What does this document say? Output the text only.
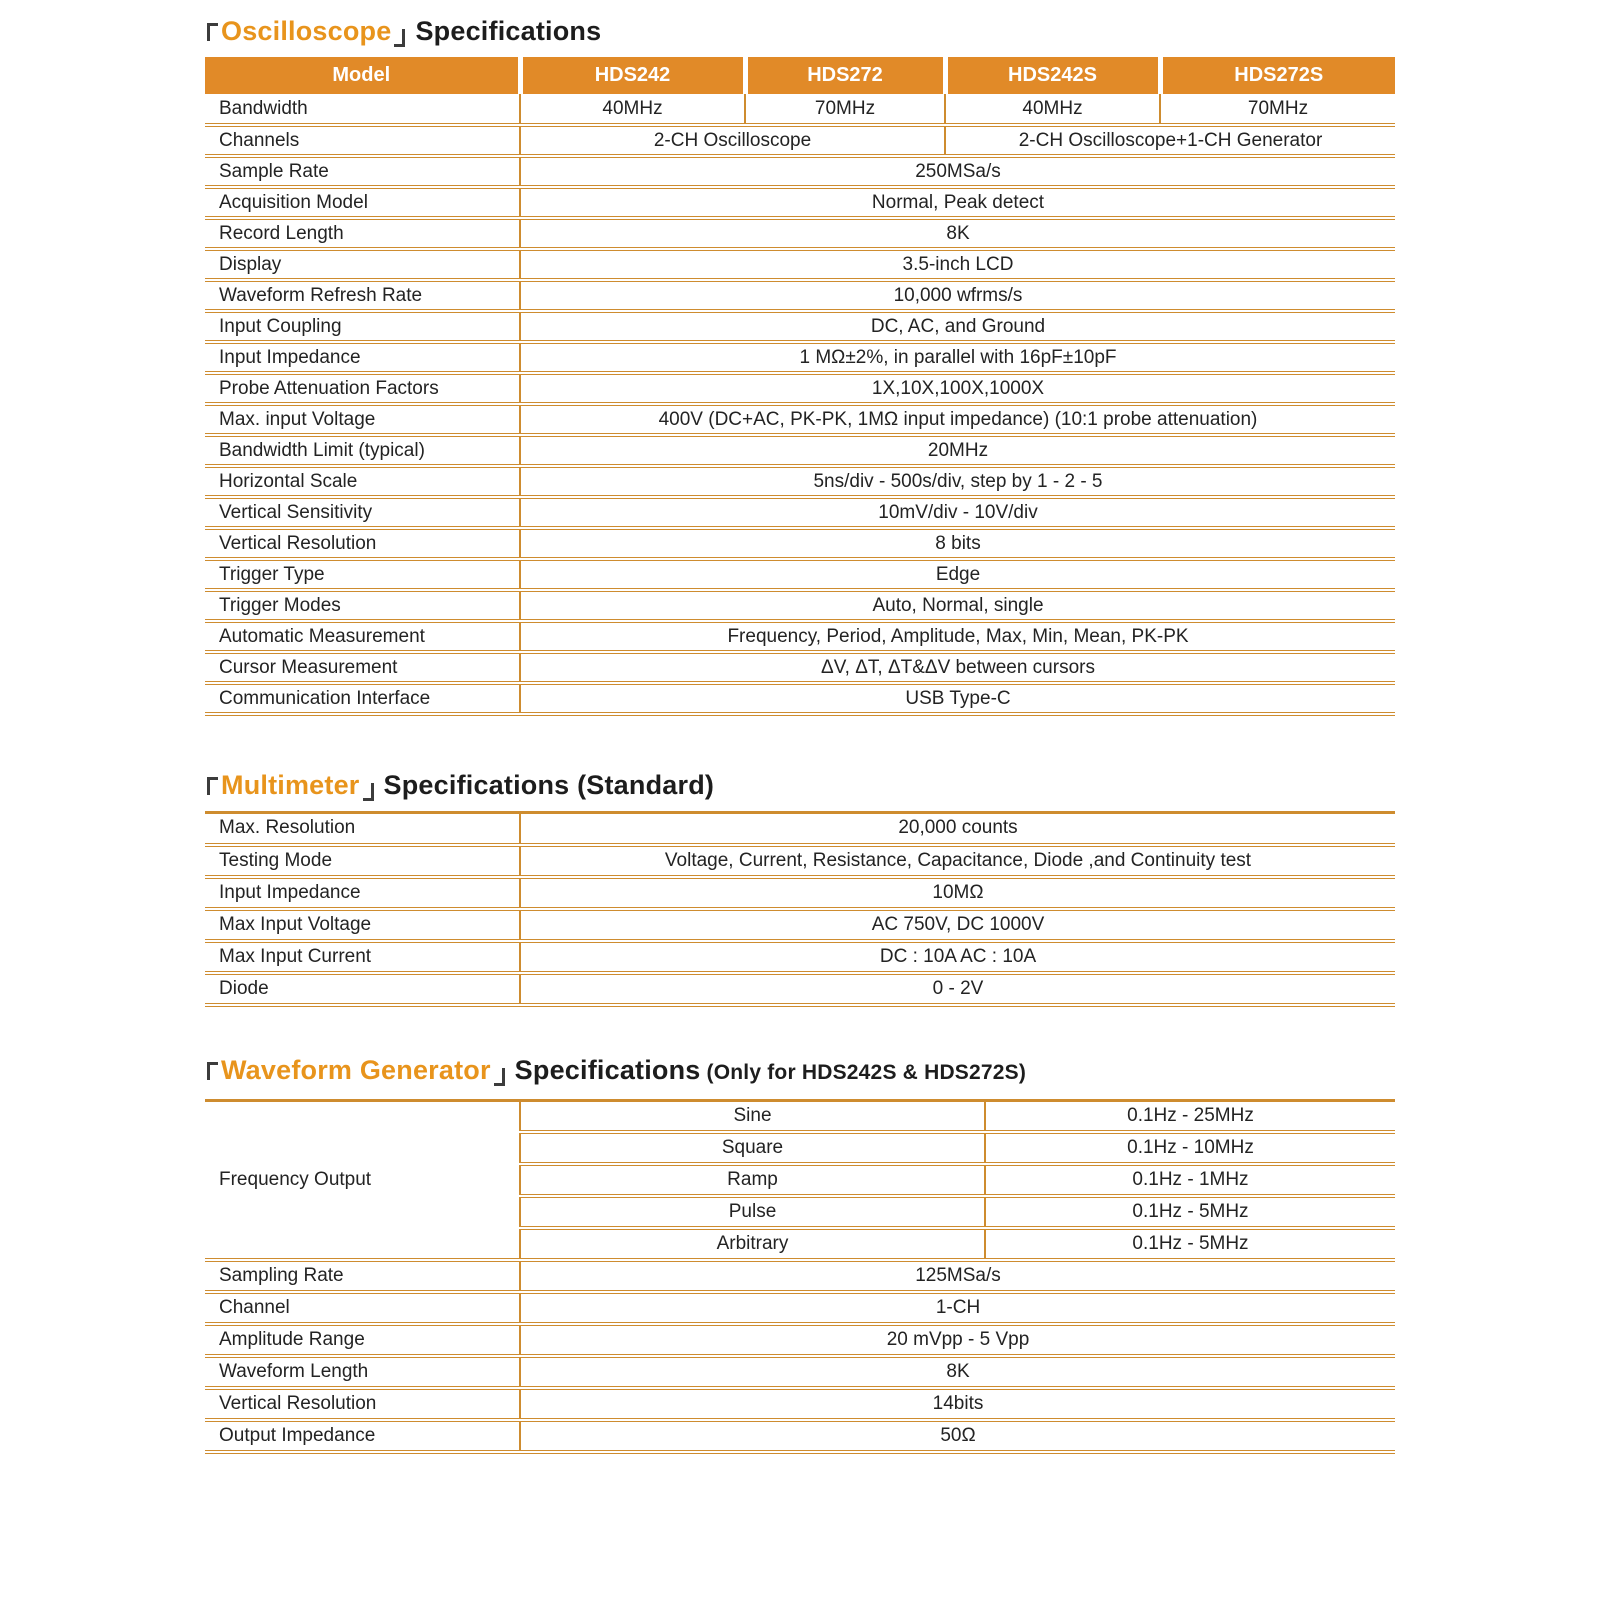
Oscilloscope Specifications
Model	HDS242	HDS272	HDS242S	HDS272S
Bandwidth	40MHz	70MHz	40MHz	70MHz
Channels	2-CH Oscilloscope		2-CH Oscilloscope+1-CH Generator	
Sample Rate	250MSa/s			
Acquisition Model	Normal, Peak detect			
Record Length	8K			
Display	3.5-inch LCD			
Waveform Refresh Rate	10,000 wfrms/s			
Input Coupling	DC, AC, and Ground			
Input Impedance	1 MΩ±2%, in parallel with 16pF±10pF			
Probe Attenuation Factors	1X,10X,100X,1000X			
Max. input Voltage	400V (DC+AC, PK-PK, 1MΩ input impedance) (10:1 probe attenuation)			
Bandwidth Limit (typical)	20MHz			
Horizontal Scale	5ns/div - 500s/div, step by 1 - 2 - 5			
Vertical Sensitivity	10mV/div - 10V/div			
Vertical Resolution	8 bits			
Trigger Type	Edge			
Trigger Modes	Auto, Normal, single			
Automatic Measurement	Frequency, Period, Amplitude, Max, Min, Mean, PK-PK			
Cursor Measurement	ΔV, ΔT, ΔT&ΔV between cursors			
Communication Interface	USB Type-C			
Multimeter Specifications (Standard)
Max. Resolution	20,000 counts
Testing Mode	Voltage, Current, Resistance, Capacitance, Diode ,and Continuity test
Input Impedance	10MΩ
Max Input Voltage	AC 750V, DC 1000V
Max Input Current	DC : 10A AC : 10A
Diode	0 - 2V
Waveform Generator Specifications (Only for HDS242S & HDS272S)
Frequency Output	Sine	0.1Hz - 25MHz
	Square	0.1Hz - 10MHz
	Ramp	0.1Hz - 1MHz
	Pulse	0.1Hz - 5MHz
	Arbitrary	0.1Hz - 5MHz
Sampling Rate	125MSa/s	
Channel	1-CH	
Amplitude Range	20 mVpp - 5 Vpp	
Waveform Length	8K	
Vertical Resolution	14bits	
Output Impedance	50Ω	
